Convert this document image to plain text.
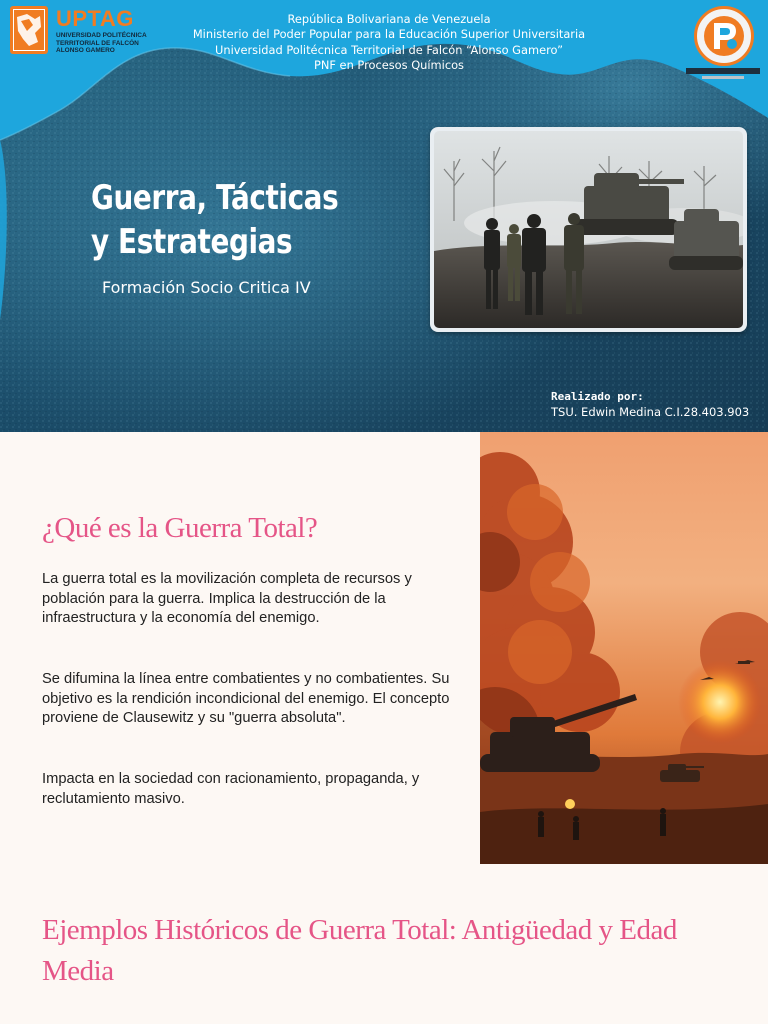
UPTAG
UNIVERSIDAD POLITÉCNICA
TERRITORIAL DE FALCÓN
ALONSO GAMERO
República Bolivariana de Venezuela
Ministerio del Poder Popular para la Educación Superior Universitaria
Universidad Politécnica Territorial de Falcón “Alonso Gamero”
PNF en Procesos Químicos
Guerra, Tácticas y Estrategias
Formación Socio Critica IV
Realizado por:
TSU. Edwin Medina C.I.28.403.903
¿Qué es la Guerra Total?
La guerra total es la movilización completa de recursos y población para la guerra. Implica la destrucción de la infraestructura y la economía del enemigo.
Se difumina la línea entre combatientes y no combatientes. Su objetivo es la rendición incondicional del enemigo. El concepto proviene de Clausewitz y su "guerra absoluta".
Impacta en la sociedad con racionamiento, propaganda, y reclutamiento masivo.
Ejemplos Históricos de Guerra Total: Antigüedad y Edad Media
